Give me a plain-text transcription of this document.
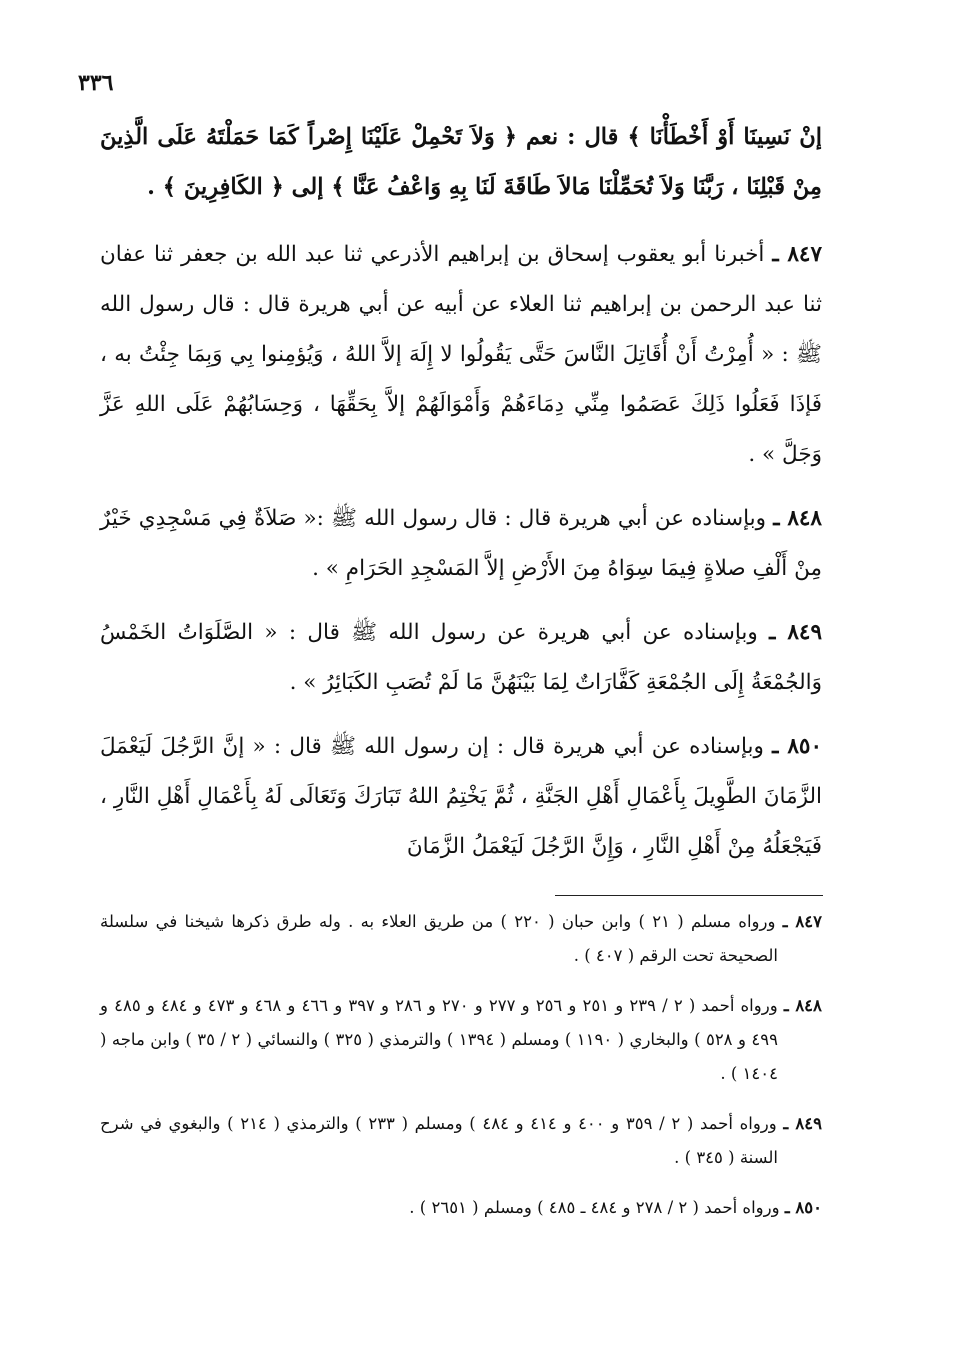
٣٣٦

إنْ نَسِينَا أَوْ أَخْطَأْنَا ﴾ قال : نعم ﴿ وَلاَ تَحْمِلْ عَلَيْنَا إِصْراً كَمَا حَمَلْتَهُ عَلَى الَّذِينَ مِنْ قَبْلِنَا ، رَبَّنَا وَلاَ تُحَمِّلْنَا مَالاَ طَاقَةَ لَنَا بِهِ وَاعْفُ عَنَّا ﴾ إلى ﴿ الكَافِرِينَ ﴾ .

٨٤٧ ـ أخبرنا أبو يعقوب إسحاق بن إبراهيم الأذرعي ثنا عبد الله بن جعفر ثنا عفان ثنا عبد الرحمن بن إبراهيم ثنا العلاء عن أبيه عن أبي هريرة قال : قال رسول الله ﷺ : « أُمِرْتُ أَنْ أُقَاتِلَ النَّاسَ حَتَّى يَقُولُوا لا إِلَهَ إلاَّ اللهُ ، وَيُؤمِنوا بِي وَبِمَا جِئْتُ به ، فَإذَا فَعَلُوا ذَلِكَ عَصَمُوا مِنِّي دِمَاءَهُمْ وَأَمْوَالَهُمْ إلاَّ بِحَقِّهَا ، وَحِسَابُهُمْ عَلَى اللهِ عَزَّ وَجَلَّ » .

٨٤٨ ـ وبإسناده عن أبي هريرة قال : قال رسول الله ﷺ :« صَلاَةٌ فِي مَسْجِدِي خَيْرٌ مِنْ أَلْفِ صلاةٍ فِيمَا سِوَاهُ مِنَ الأَرْضِ إلاَّ المَسْجِدِ الحَرَامِ » .

٨٤٩ ـ وبإسناده عن أبي هريرة عن رسول الله ﷺ قال : « الصَّلَوَاتُ الخَمْسُ وَالجُمْعَةُ إِلَى الجُمْعَةِ كَفَّارَاتٌ لِمَا بَيْنَهُنَّ مَا لَمْ تُصَبِ الكَبَائِرُ » .

٨٥٠ ـ وبإسناده عن أبي هريرة قال : إن رسول الله ﷺ قال : « إنَّ الرَّجُلَ لَيَعْمَلَ الزَّمَانَ الطَّوِيلَ بِأَعْمَالِ أَهْلِ الجَنَّةِ ، ثُمَّ يَخْتِمُ اللهُ تَبَارَكَ وَتَعَالَى لَهُ بِأَعْمَالِ أَهْلِ النَّارِ ، فَيَجْعَلُهُ مِنْ أَهْلِ النَّارِ ، وَإِنَّ الرَّجُلَ لَيَعْمَلُ الزَّمَانَ

٨٤٧ ـ ورواه مسلم ( ٢١ ) وابن حبان ( ٢٢٠ ) من طريق العلاء به . وله طرق ذكرها شيخنا في سلسلة الصحيحة تحت الرقم ( ٤٠٧ ) .

٨٤٨ ـ ورواه أحمد ( ٢ / ٢٣٩ و ٢٥١ و ٢٥٦ و ٢٧٧ و ٢٧٠ و ٢٨٦ و ٣٩٧ و ٤٦٦ و ٤٦٨ و ٤٧٣ و ٤٨٤ و ٤٨٥ و ٤٩٩ و ٥٢٨ ) والبخاري ( ١١٩٠ ) ومسلم ( ١٣٩٤ ) والترمذي ( ٣٢٥ ) والنسائي ( ٢ / ٣٥ ) وابن ماجه ( ١٤٠٤ ) .

٨٤٩ ـ ورواه أحمد ( ٢ / ٣٥٩ و ٤٠٠ و ٤١٤ و ٤٨٤ ) ومسلم ( ٢٣٣ ) والترمذي ( ٢١٤ ) والبغوي في شرح السنة ( ٣٤٥ ) .

٨٥٠ ـ ورواه أحمد ( ٢ / ٢٧٨ و ٤٨٤ ـ ٤٨٥ ) ومسلم ( ٢٦٥١ ) .
